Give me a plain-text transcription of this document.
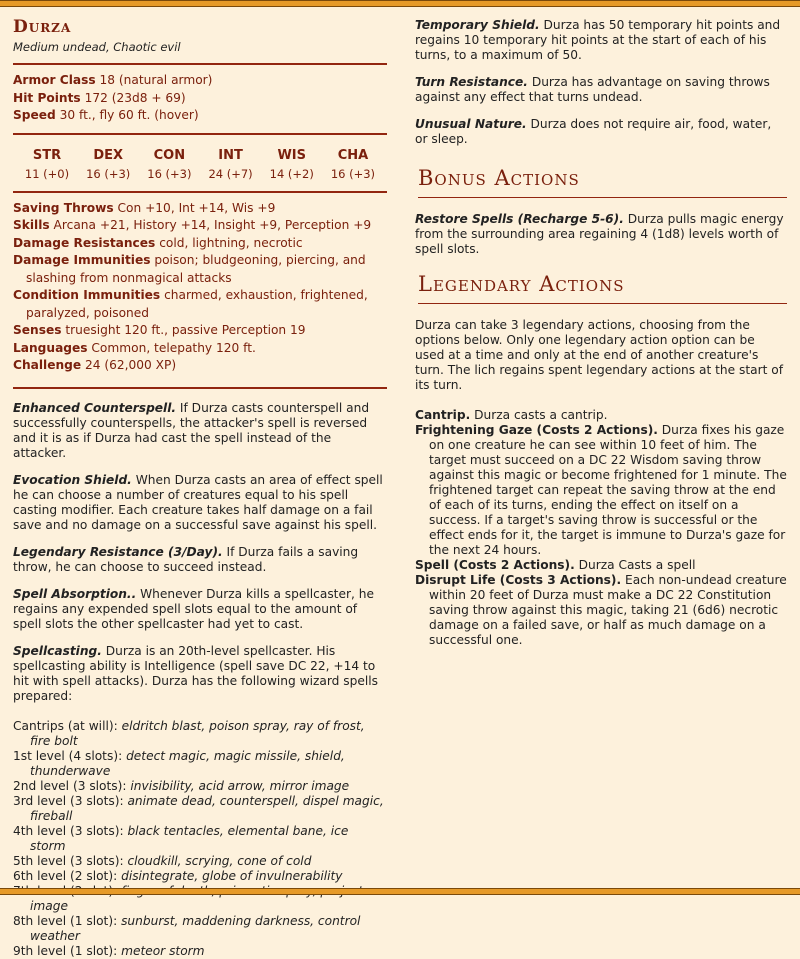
Durza
Medium undead, Chaotic evil
Armor Class 18 (natural armor)
Hit Points 172 (23d8 + 69)
Speed 30 ft., fly 60 ft. (hover)
STR
11 (+0)
DEX
16 (+3)
CON
16 (+3)
INT
24 (+7)
WIS
14 (+2)
CHA
16 (+3)
Saving Throws Con +10, Int +14, Wis +9
Skills Arcana +21, History +14, Insight +9, Perception +9
Damage Resistances cold, lightning, necrotic
Damage Immunities poison; bludgeoning, piercing, and slashing from nonmagical attacks
Condition Immunities charmed, exhaustion, frightened, paralyzed, poisoned
Senses truesight 120 ft., passive Perception 19
Languages Common, telepathy 120 ft.
Challenge 24 (62,000 XP)

Enhanced Counterspell. If Durza casts counterspell and successfully counterspells, the attacker's spell is reversed and it is as if Durza had cast the spell instead of the attacker.

Evocation Shield. When Durza casts an area of effect spell he can choose a number of creatures equal to his spell casting modifier. Each creature takes half damage on a fail save and no damage on a successful save against his spell.

Legendary Resistance (3/Day). If Durza fails a saving throw, he can choose to succeed instead.

Spell Absorption.. Whenever Durza kills a spellcaster, he regains any expended spell slots equal to the amount of spell slots the other spellcaster had yet to cast.

Spellcasting. Durza is an 20th-level spellcaster. His spellcasting ability is Intelligence (spell save DC 22, +14 to hit with spell attacks). Durza has the following wizard spells prepared:

Cantrips (at will): eldritch blast, poison spray, ray of frost, fire bolt
1st level (4 slots): detect magic, magic missile, shield, thunderwave
2nd level (3 slots): invisibility, acid arrow, mirror image
3rd level (3 slots): animate dead, counterspell, dispel magic, fireball
4th level (3 slots): black tentacles, elemental bane, ice storm
5th level (3 slots): cloudkill, scrying, cone of cold
6th level (2 slot): disintegrate, globe of invulnerability
image
8th level (1 slot): sunburst, maddening darkness, control weather
9th level (1 slot): meteor storm

Temporary Shield. Durza has 50 temporary hit points and regains 10 temporary hit points at the start of each of his turns, to a maximum of 50.

Turn Resistance. Durza has advantage on saving throws against any effect that turns undead.

Unusual Nature. Durza does not require air, food, water, or sleep.

Bonus Actions

Restore Spells (Recharge 5-6). Durza pulls magic energy from the surrounding area regaining 4 (1d8) levels worth of spell slots.

Legendary Actions

Durza can take 3 legendary actions, choosing from the options below. Only one legendary action option can be used at a time and only at the end of another creature's turn. The lich regains spent legendary actions at the start of its turn.

Cantrip. Durza casts a cantrip.
Frightening Gaze (Costs 2 Actions). Durza fixes his gaze on one creature he can see within 10 feet of him. The target must succeed on a DC 22 Wisdom saving throw against this magic or become frightened for 1 minute. The frightened target can repeat the saving throw at the end of each of its turns, ending the effect on itself on a success. If a target's saving throw is successful or the effect ends for it, the target is immune to Durza's gaze for the next 24 hours.
Spell (Costs 2 Actions). Durza Casts a spell
Disrupt Life (Costs 3 Actions). Each non-undead creature within 20 feet of Durza must make a DC 22 Constitution saving throw against this magic, taking 21 (6d6) necrotic damage on a failed save, or half as much damage on a successful one.
